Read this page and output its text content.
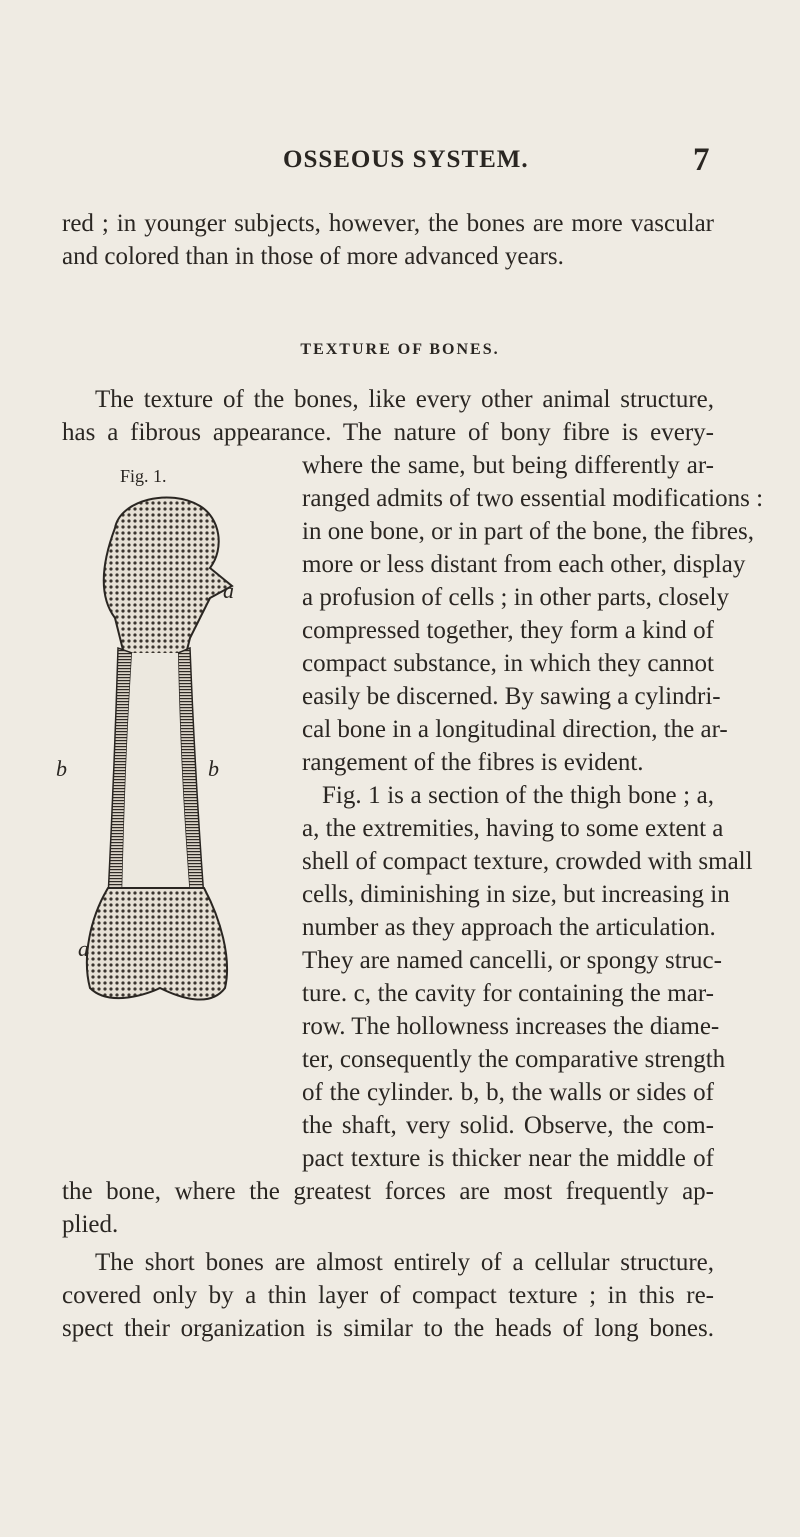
OSSEOUS SYSTEM.	7
red ; in younger subjects, however, the bones are more vascular
and colored than in those of more advanced years.
TEXTURE OF BONES.
The texture of the bones, like every other animal structure,
has a fibrous appearance. The nature of bony fibre is every-
Fig. 1.	where the same, but being differently ar-
ranged admits of two essential modifications :
in one bone, or in part of the bone, the fibres,
more or less distant from each other, display
a profusion of cells ; in other parts, closely
compressed together, they form a kind of
compact substance, in which they cannot
easily be discerned. By sawing a cylindri-
cal bone in a longitudinal direction, the ar-
rangement of the fibres is evident.
Fig. 1 is a section of the thigh bone ; a,
a, the extremities, having to some extent a
shell of compact texture, crowded with small
cells, diminishing in size, but increasing in
number as they approach the articulation.
They are named cancelli, or spongy struc-
ture. c, the cavity for containing the mar-
row. The hollowness increases the diame-
ter, consequently the comparative strength
of the cylinder. b, b, the walls or sides of
the shaft, very solid. Observe, the com-
pact texture is thicker near the middle of
the bone, where the greatest forces are most frequently ap-
plied.
The short bones are almost entirely of a cellular structure,
covered only by a thin layer of compact texture ; in this re-
spect their organization is similar to the heads of long bones.
a
b	b
a
